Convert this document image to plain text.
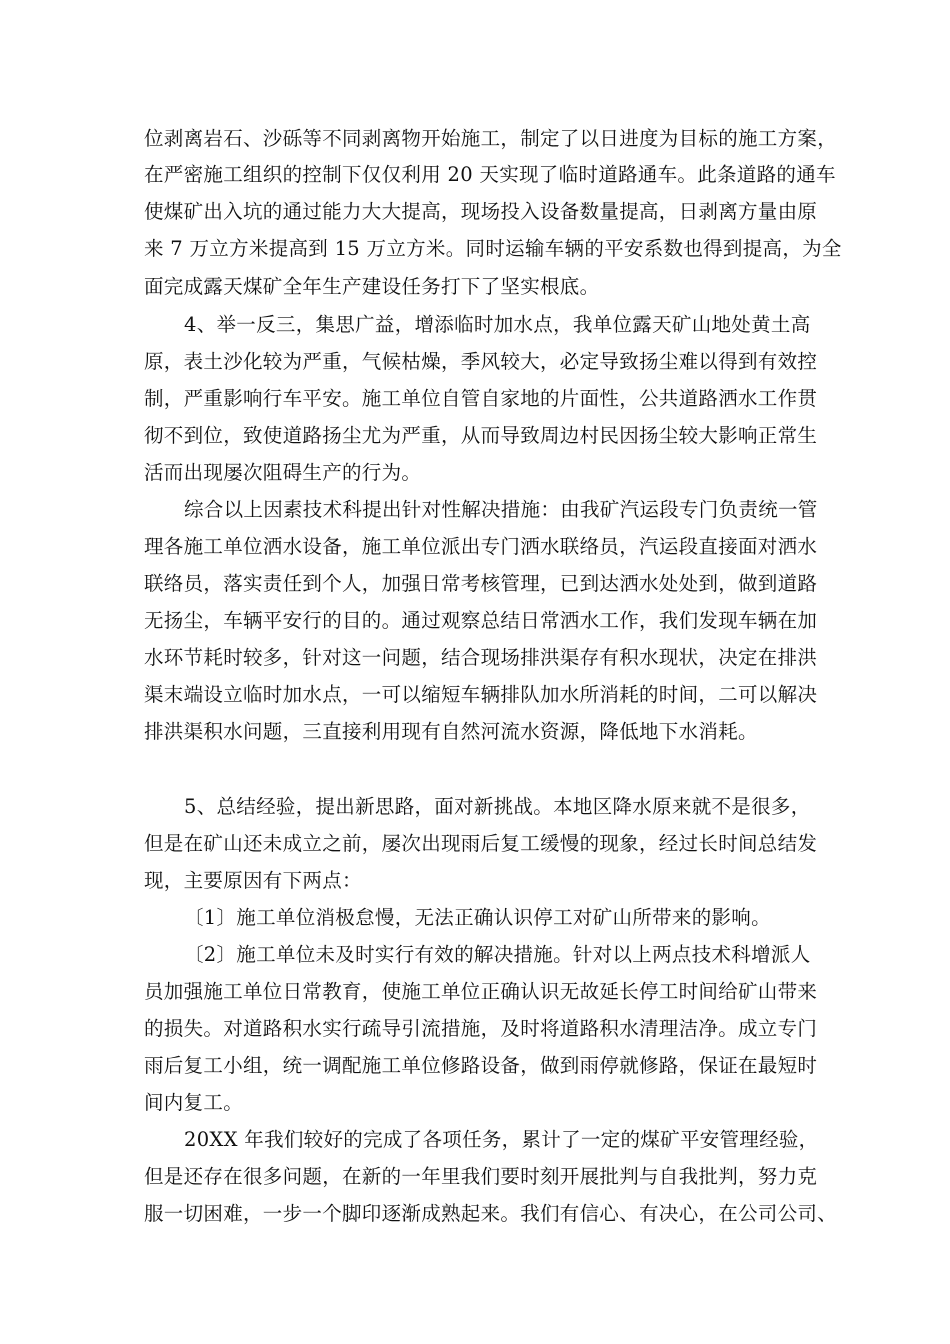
位剥离岩石、沙砾等不同剥离物开始施工，制定了以日进度为目标的施工方案，
在严密施工组织的控制下仅仅利用 20 天实现了临时道路通车。此条道路的通车
使煤矿出入坑的通过能力大大提高，现场投入设备数量提高，日剥离方量由原
来 7 万立方米提高到 15 万立方米。同时运输车辆的平安系数也得到提高，为全
面完成露天煤矿全年生产建设任务打下了坚实根底。
4、举一反三，集思广益，增添临时加水点，我单位露天矿山地处黄土高
原，表土沙化较为严重，气候枯燥，季风较大，必定导致扬尘难以得到有效控
制，严重影响行车平安。施工单位自管自家地的片面性，公共道路洒水工作贯
彻不到位，致使道路扬尘尤为严重，从而导致周边村民因扬尘较大影响正常生
活而出现屡次阻碍生产的行为。
综合以上因素技术科提出针对性解决措施：由我矿汽运段专门负责统一管
理各施工单位洒水设备，施工单位派出专门洒水联络员，汽运段直接面对洒水
联络员，落实责任到个人，加强日常考核管理，已到达洒水处处到，做到道路
无扬尘，车辆平安行的目的。通过观察总结日常洒水工作，我们发现车辆在加
水环节耗时较多，针对这一问题，结合现场排洪渠存有积水现状，决定在排洪
渠末端设立临时加水点，一可以缩短车辆排队加水所消耗的时间，二可以解决
排洪渠积水问题，三直接利用现有自然河流水资源，降低地下水消耗。
5、总结经验，提出新思路，面对新挑战。本地区降水原来就不是很多，
但是在矿山还未成立之前，屡次出现雨后复工缓慢的现象，经过长时间总结发
现，主要原因有下两点：
〔1〕施工单位消极怠慢，无法正确认识停工对矿山所带来的影响。
〔2〕施工单位未及时实行有效的解决措施。针对以上两点技术科增派人
员加强施工单位日常教育，使施工单位正确认识无故延长停工时间给矿山带来
的损失。对道路积水实行疏导引流措施，及时将道路积水清理洁净。成立专门
雨后复工小组，统一调配施工单位修路设备，做到雨停就修路，保证在最短时
间内复工。
20XX 年我们较好的完成了各项任务，累计了一定的煤矿平安管理经验，
但是还存在很多问题，在新的一年里我们要时刻开展批判与自我批判，努力克
服一切困难，一步一个脚印逐渐成熟起来。我们有信心、有决心，在公司公司、
